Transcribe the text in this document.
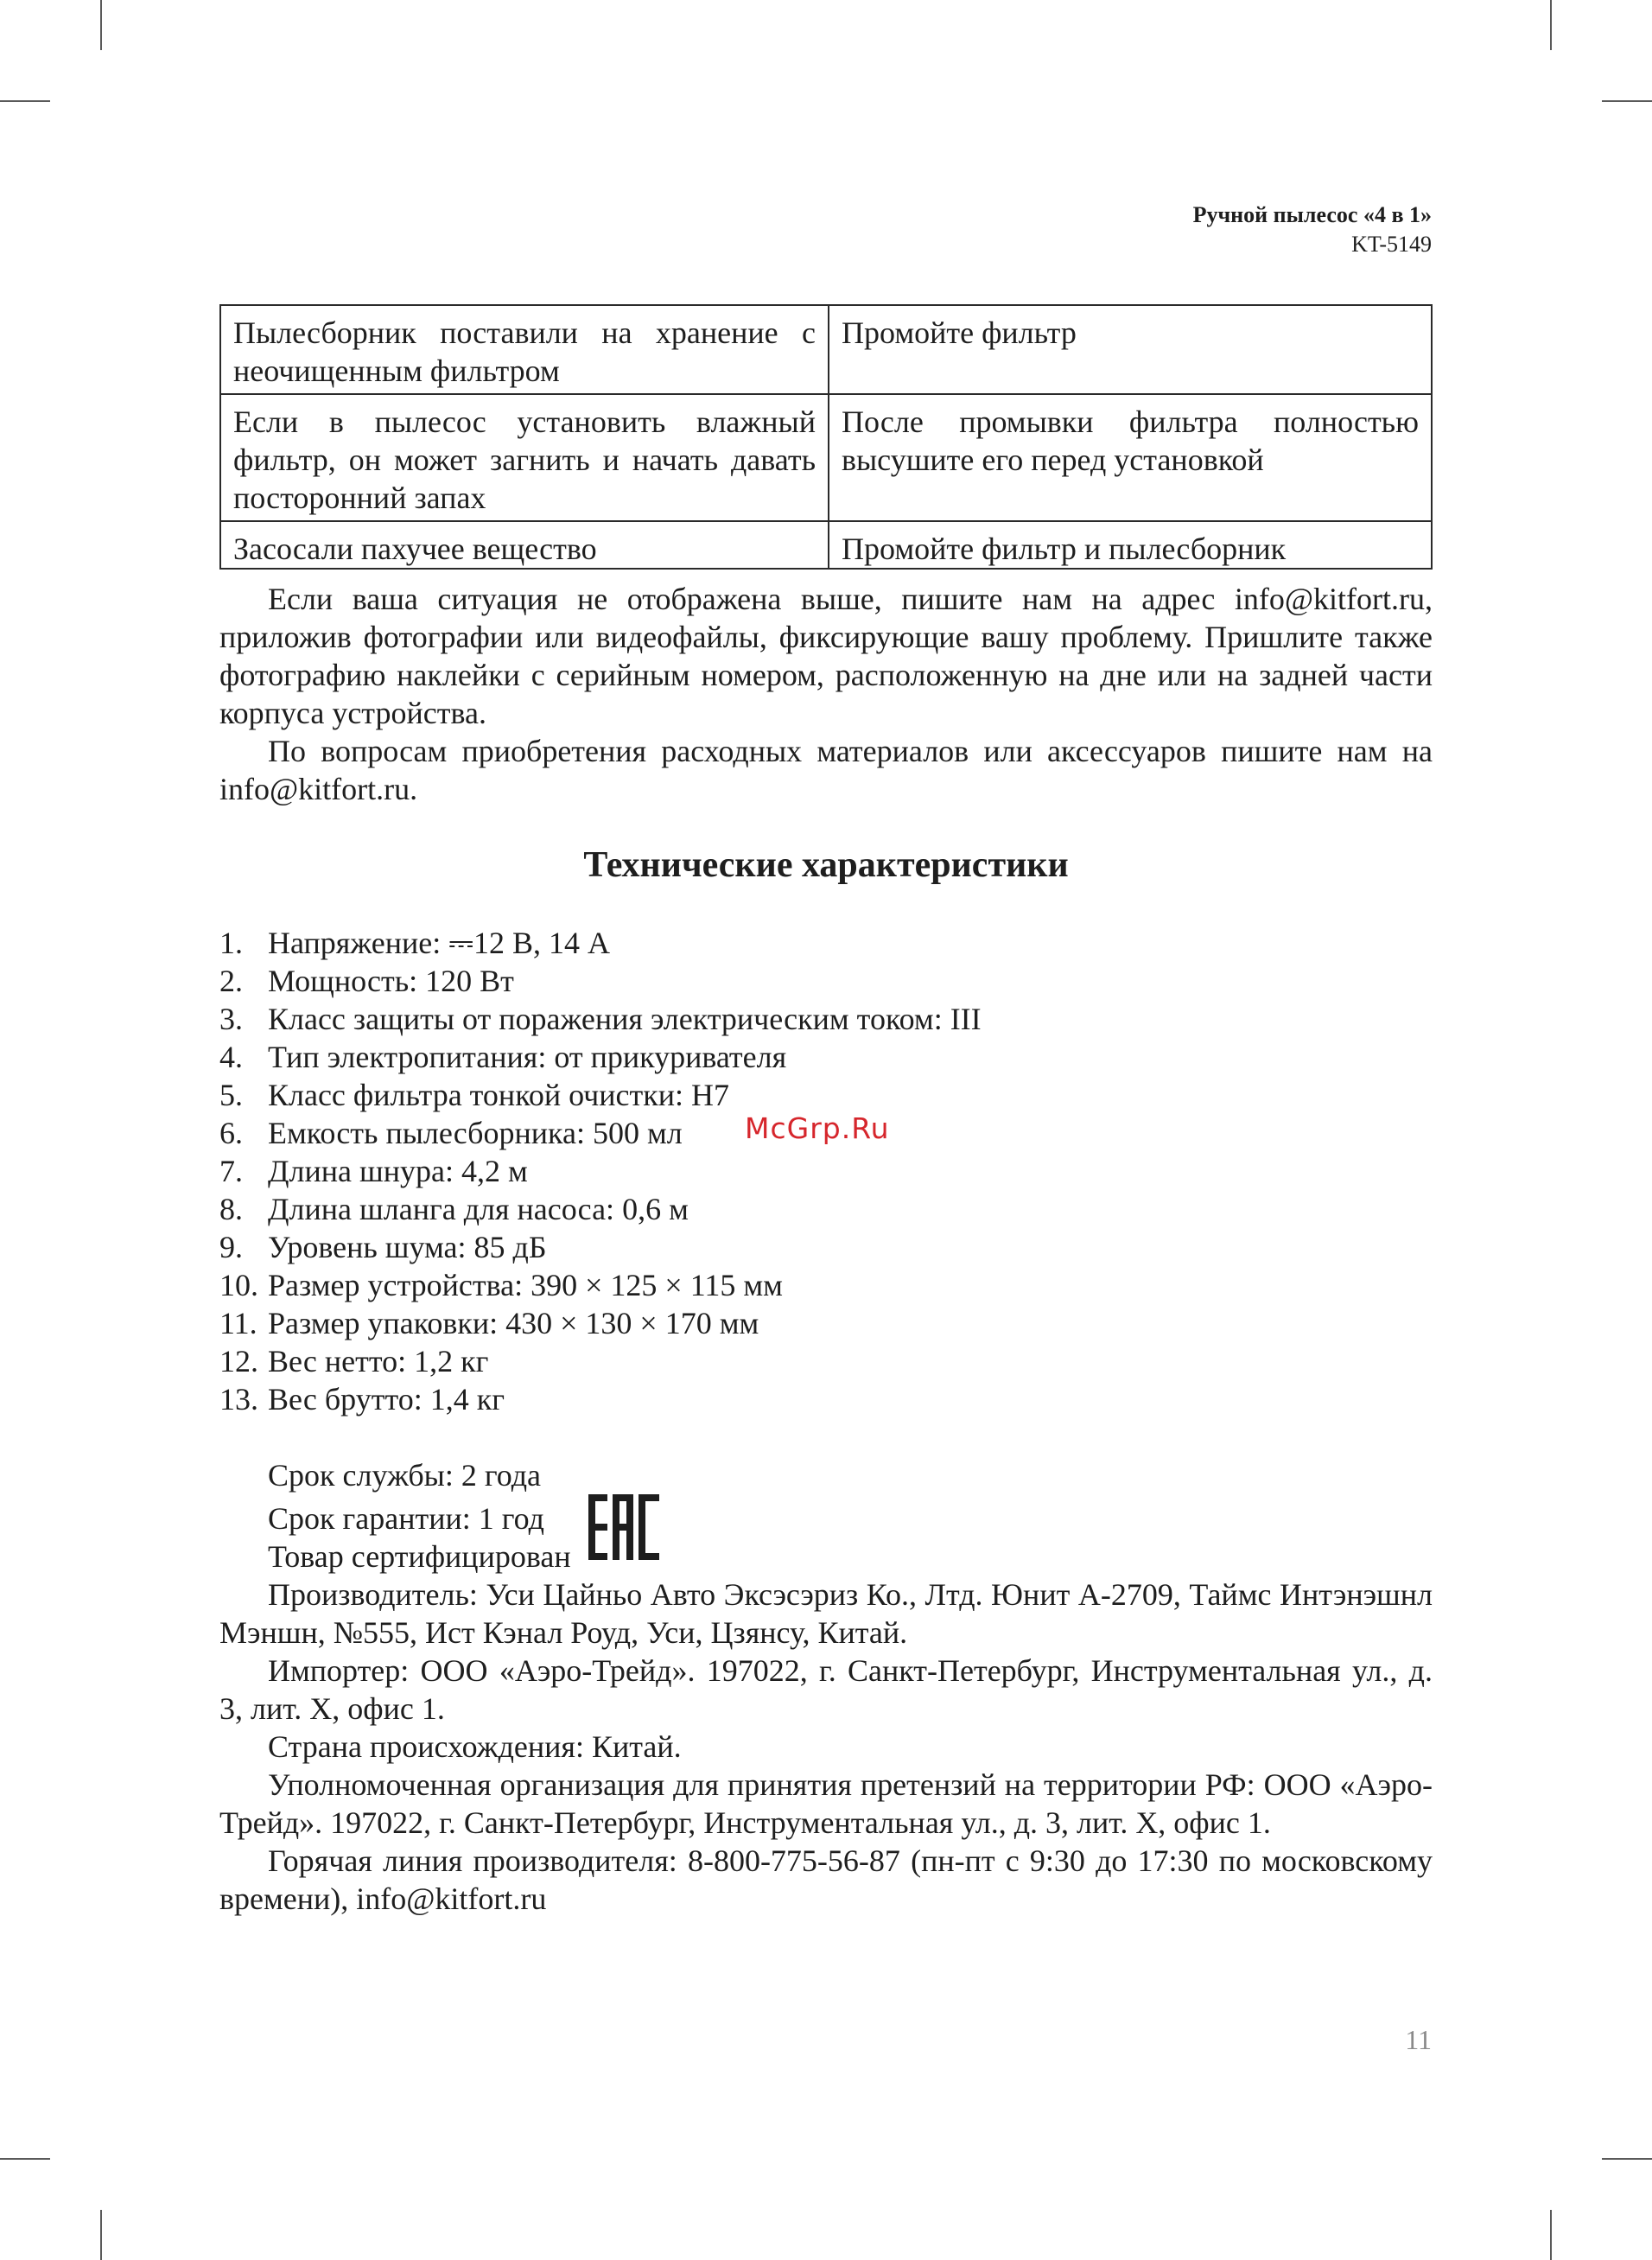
Ручной пылесос «4 в 1»
KT-5149
Пылесборник поставили на хранение с неочищенным фильтром	Промойте фильтр
Если в пылесос установить влажный фильтр, он может загнить и начать давать посторонний запах	После промывки фильтра полностью высушите его перед установкой
Засосали пахучее вещество	Промойте фильтр и пылесборник

Если ваша ситуация не отображена выше, пишите нам на адрес info@kitfort.ru, приложив фотографии или видеофайлы, фиксирующие вашу проблему. Пришлите также фотографию наклейки с серийным номером, расположенную на дне или на задней части корпуса устройства.

По вопросам приобретения расходных материалов или аксессуаров пишите нам на info@kitfort.ru.

Технические характеристики
1. Напряжение: ⎓12 В, 14 А
2. Мощность: 120 Вт
3. Класс защиты от поражения электрическим током: III
4. Тип электропитания: от прикуривателя
5. Класс фильтра тонкой очистки: H7
6. Емкость пылесборника: 500 мл
7. Длина шнура: 4,2 м
8. Длина шланга для насоса: 0,6 м
9. Уровень шума: 85 дБ
10. Размер устройства: 390 × 125 × 115 мм
11. Размер упаковки: 430 × 130 × 170 мм
12. Вес нетто: 1,2 кг
13. Вес брутто: 1,4 кг
Срок службы: 2 года
Срок гарантии: 1 год
Товар сертифицирован

Производитель: Уси Цайньо Авто Эксэсэриз Ко., Лтд. Юнит A-2709, Таймс Интэнэшнл Мэншн, №555, Ист Кэнал Роуд, Уси, Цзянсу, Китай.

Импортер: ООО «Аэро-Трейд». 197022, г. Санкт-Петербург, Инструментальная ул., д. 3, лит. Х, офис 1.

Страна происхождения: Китай.

Уполномоченная организация для принятия претензий на территории РФ: ООО «Аэро-Трейд». 197022, г. Санкт-Петербург, Инструментальная ул., д. 3, лит. Х, офис 1.

Горячая линия производителя: 8-800-775-56-87 (пн-пт с 9:30 до 17:30 по московскому времени), info@kitfort.ru

McGrp.Ru
11
